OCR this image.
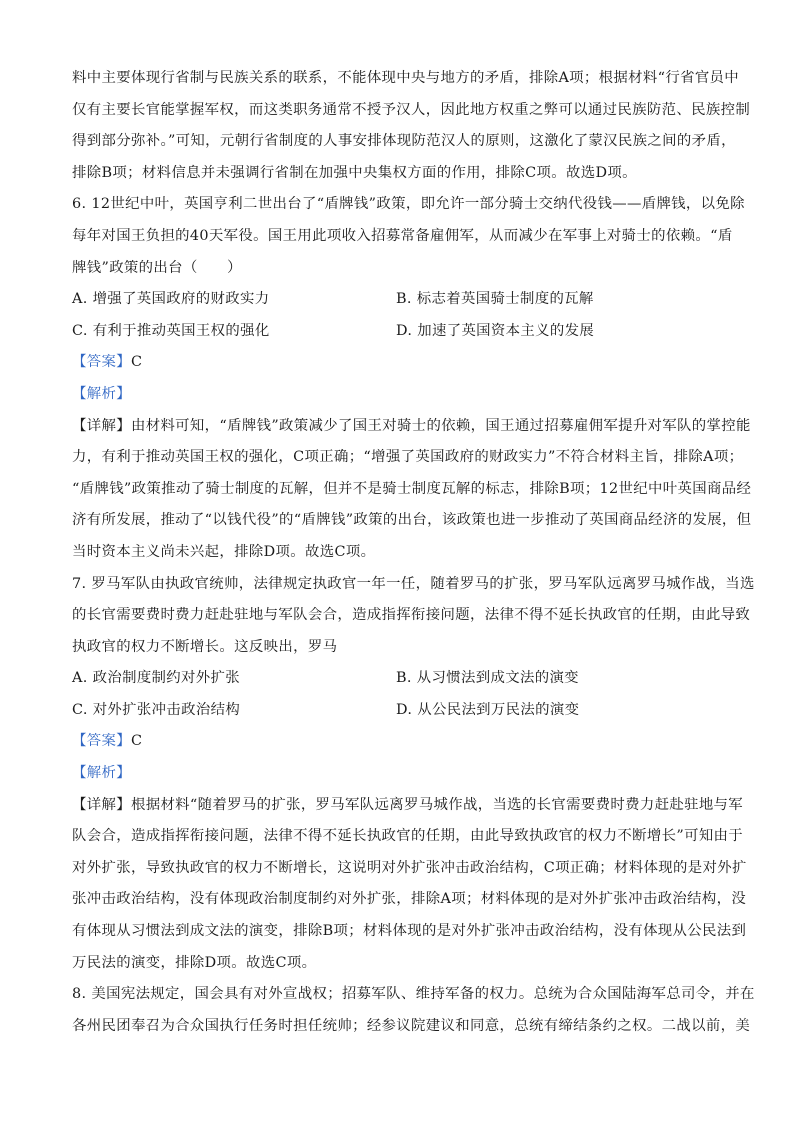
料中主要体现行省制与民族关系的联系，不能体现中央与地方的矛盾，排除A项；根据材料“行省官员中
仅有主要长官能掌握军权，而这类职务通常不授予汉人，因此地方权重之弊可以通过民族防范、民族控制
得到部分弥补。”可知，元朝行省制度的人事安排体现防范汉人的原则，这激化了蒙汉民族之间的矛盾，
排除B项；材料信息并未强调行省制在加强中央集权方面的作用，排除C项。故选D项。
6. 12世纪中叶，英国亨利二世出台了“盾牌钱”政策，即允许一部分骑士交纳代役钱——盾牌钱，以免除
每年对国王负担的40天军役。国王用此项收入招募常备雇佣军，从而减少在军事上对骑士的依赖。“盾
牌钱”政策的出台（　　）
A. 增强了英国政府的财政实力	B. 标志着英国骑士制度的瓦解
C. 有利于推动英国王权的强化	D. 加速了英国资本主义的发展
【答案】C
【解析】
【详解】由材料可知，“盾牌钱”政策减少了国王对骑士的依赖，国王通过招募雇佣军提升对军队的掌控能
力，有利于推动英国王权的强化，C项正确；“增强了英国政府的财政实力”不符合材料主旨，排除A项；
“盾牌钱”政策推动了骑士制度的瓦解，但并不是骑士制度瓦解的标志，排除B项；12世纪中叶英国商品经
济有所发展，推动了“以钱代役”的“盾牌钱”政策的出台，该政策也进一步推动了英国商品经济的发展，但
当时资本主义尚未兴起，排除D项。故选C项。
7. 罗马军队由执政官统帅，法律规定执政官一年一任，随着罗马的扩张，罗马军队远离罗马城作战，当选
的长官需要费时费力赶赴驻地与军队会合，造成指挥衔接问题，法律不得不延长执政官的任期，由此导致
执政官的权力不断增长。这反映出，罗马
A. 政治制度制约对外扩张	B. 从习惯法到成文法的演变
C. 对外扩张冲击政治结构	D. 从公民法到万民法的演变
【答案】C
【解析】
【详解】根据材料“随着罗马的扩张，罗马军队远离罗马城作战，当选的长官需要费时费力赶赴驻地与军
队会合，造成指挥衔接问题，法律不得不延长执政官的任期，由此导致执政官的权力不断增长”可知由于
对外扩张，导致执政官的权力不断增长，这说明对外扩张冲击政治结构，C项正确；材料体现的是对外扩
张冲击政治结构，没有体现政治制度制约对外扩张，排除A项；材料体现的是对外扩张冲击政治结构，没
有体现从习惯法到成文法的演变，排除B项；材料体现的是对外扩张冲击政治结构，没有体现从公民法到
万民法的演变，排除D项。故选C项。
8. 美国宪法规定，国会具有对外宣战权；招募军队、维持军备的权力。总统为合众国陆海军总司令，并在
各州民团奉召为合众国执行任务时担任统帅；经参议院建议和同意，总统有缔结条约之权。二战以前，美
